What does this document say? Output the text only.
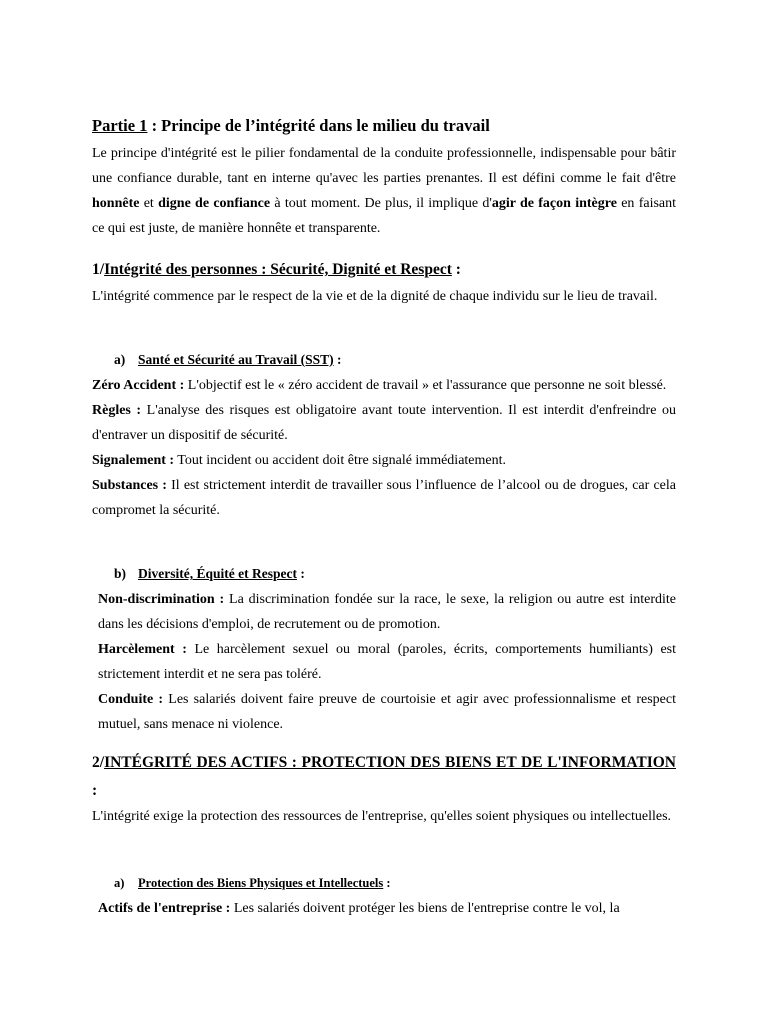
Partie 1 : Principe de l’intégrité dans le milieu du travail
Le principe d'intégrité est le pilier fondamental de la conduite professionnelle, indispensable pour bâtir une confiance durable, tant en interne qu'avec les parties prenantes. Il est défini comme le fait d'être honnête et digne de confiance à tout moment. De plus, il implique d'agir de façon intègre en faisant ce qui est juste, de manière honnête et transparente.
1/Intégrité des personnes : Sécurité, Dignité et Respect :
L'intégrité commence par le respect de la vie et de la dignité de chaque individu sur le lieu de travail.
a) Santé et Sécurité au Travail (SST) :
Zéro Accident : L'objectif est le « zéro accident de travail » et l'assurance que personne ne soit blessé.
Règles : L'analyse des risques est obligatoire avant toute intervention. Il est interdit d'enfreindre ou d'entraver un dispositif de sécurité.
Signalement : Tout incident ou accident doit être signalé immédiatement.
Substances : Il est strictement interdit de travailler sous l’influence de l’alcool ou de drogues, car cela compromet la sécurité.
b) Diversité, Équité et Respect :
Non-discrimination : La discrimination fondée sur la race, le sexe, la religion ou autre est interdite dans les décisions d'emploi, de recrutement ou de promotion.
Harcèlement : Le harcèlement sexuel ou moral (paroles, écrits, comportements humiliants) est strictement interdit et ne sera pas toléré.
Conduite : Les salariés doivent faire preuve de courtoisie et agir avec professionnalisme et respect mutuel, sans menace ni violence.
2/INTÉGRITÉ DES ACTIFS : PROTECTION DES BIENS ET DE L'INFORMATION :
L'intégrité exige la protection des ressources de l'entreprise, qu'elles soient physiques ou intellectuelles.
a) Protection des Biens Physiques et Intellectuels :
Actifs de l'entreprise : Les salariés doivent protéger les biens de l'entreprise contre le vol, la
